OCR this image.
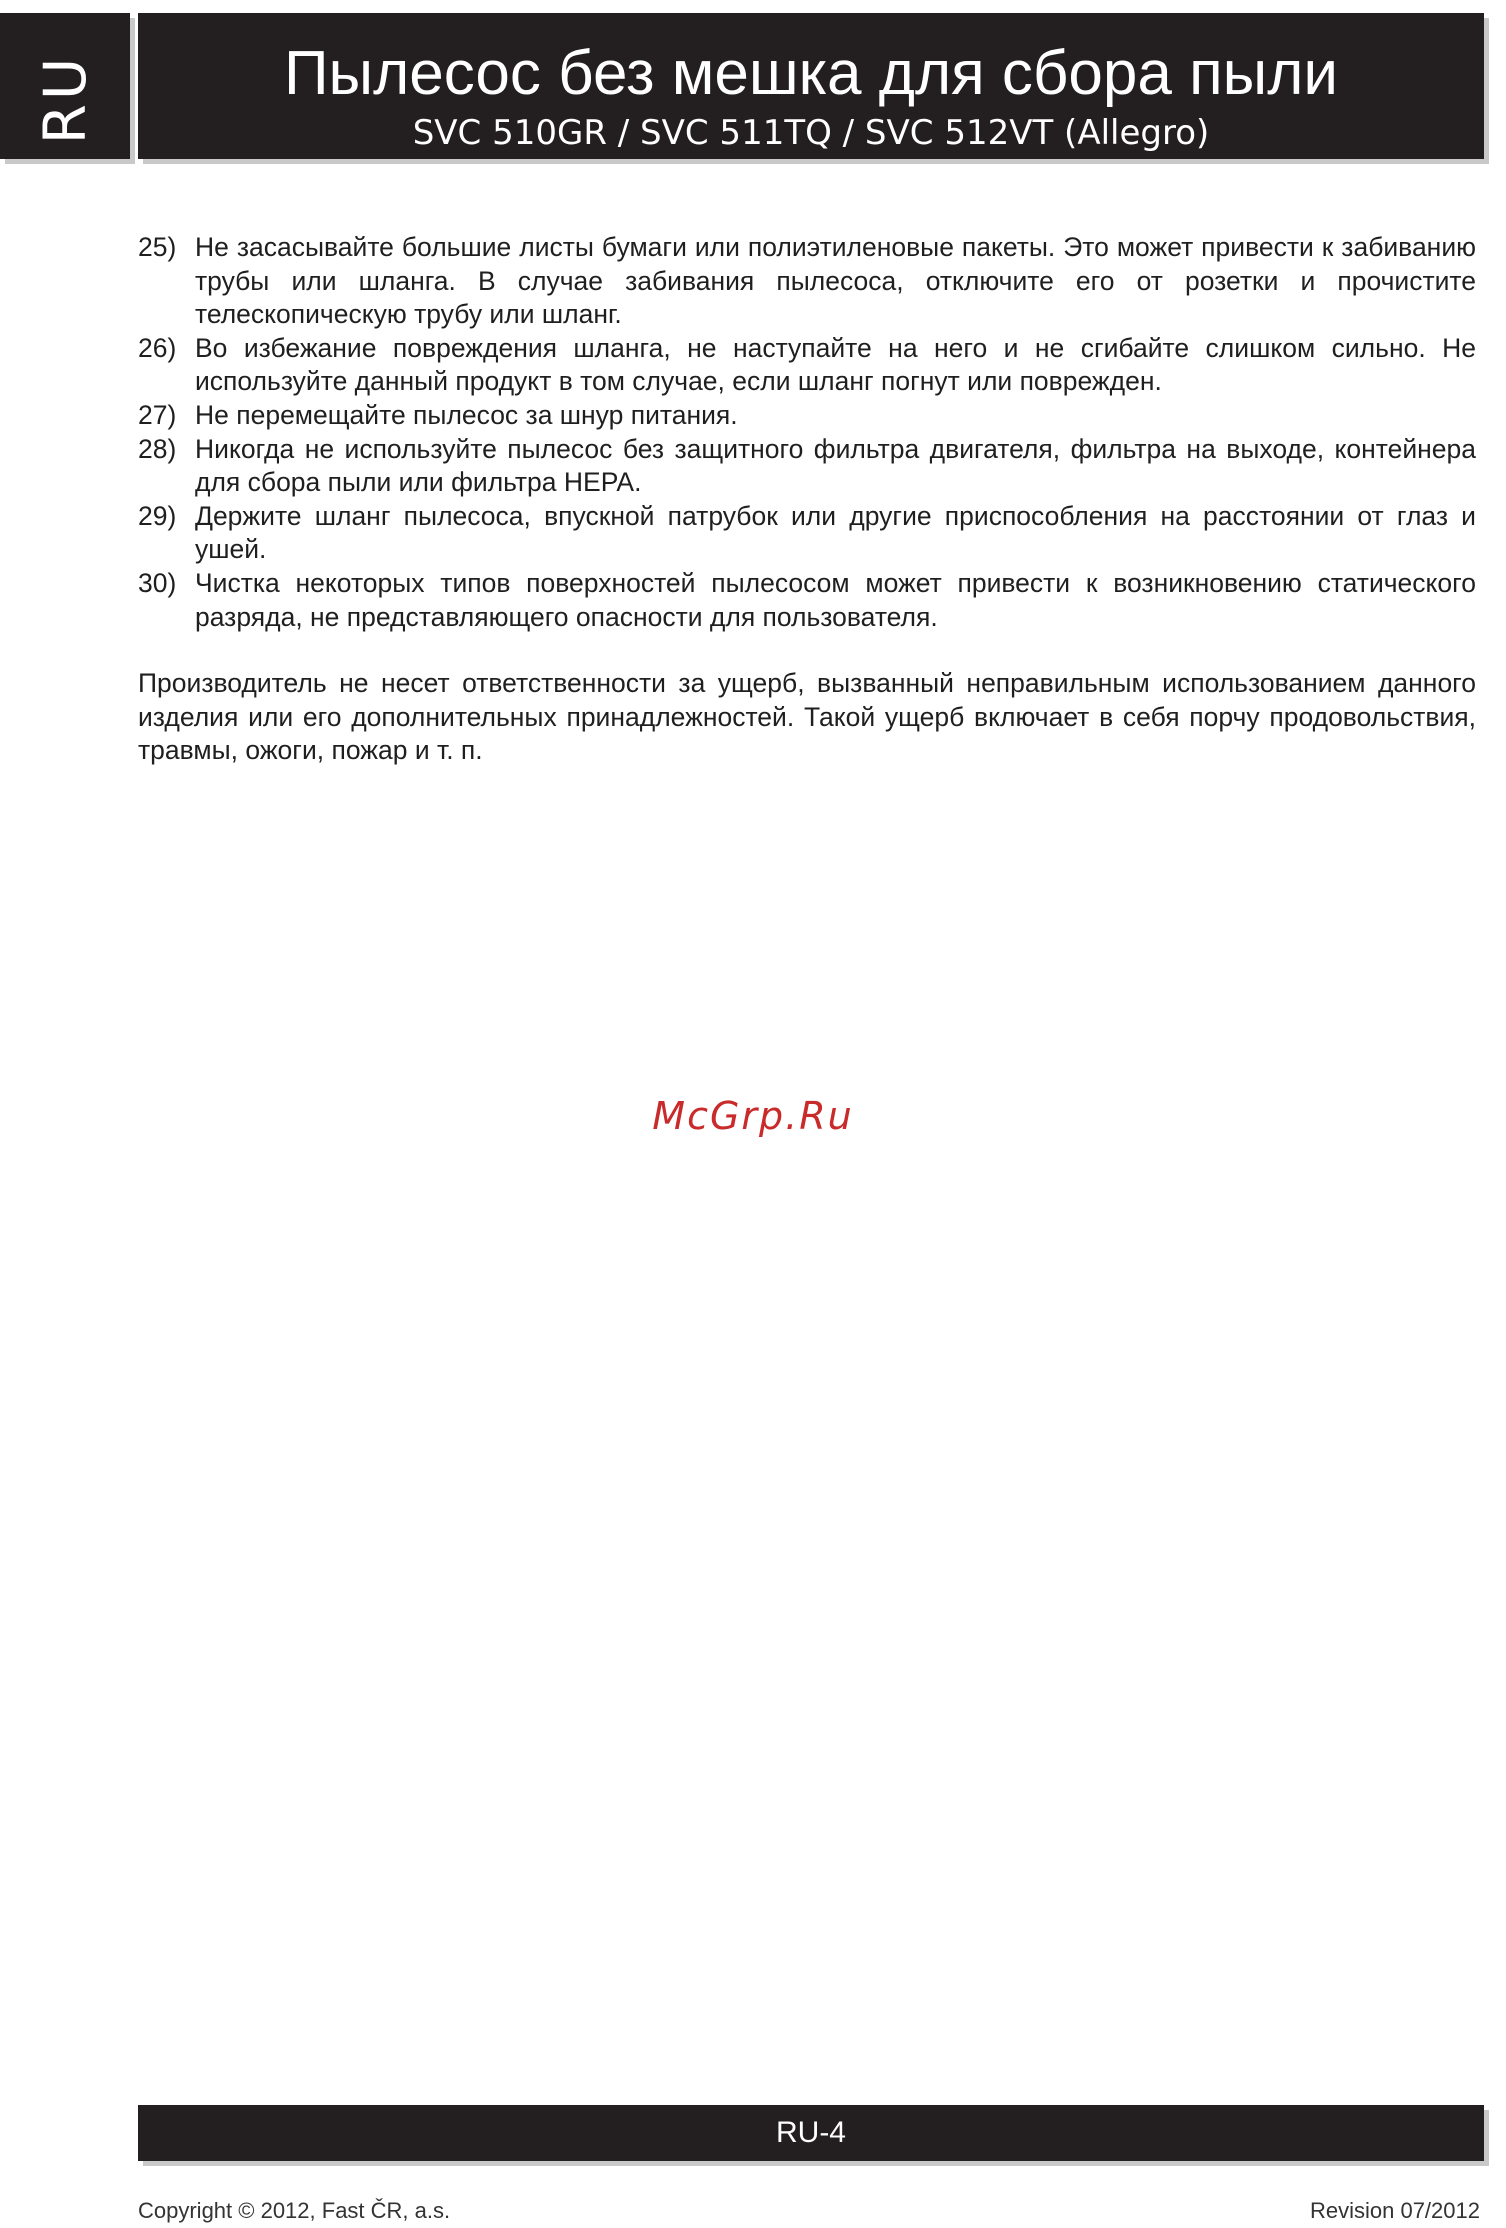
RU	Пылесос без мешка для сбора пыли
SVC 510GR / SVC 511TQ / SVC 512VT (Allegro)
25) Не засасывайте большие листы бумаги или полиэтиленовые пакеты. Это может привести к забиванию трубы или шланга. В случае забивания пылесоса, отключите его от розетки и прочистите телескопическую трубу или шланг.
26) Во избежание повреждения шланга, не наступайте на него и не сгибайте слишком сильно. Не используйте данный продукт в том случае, если шланг погнут или поврежден.
27) Не перемещайте пылесос за шнур питания.
28) Никогда не используйте пылесос без защитного фильтра двигателя, фильтра на выходе, контейнера для сбора пыли или фильтра HEPA.
29) Держите шланг пылесоса, впускной патрубок или другие приспособления на расстоянии от глаз и ушей.
30) Чистка некоторых типов поверхностей пылесосом может привести к возникновению статического разряда, не представляющего опасности для пользователя.
Производитель не несет ответственности за ущерб, вызванный неправильным использованием данного изделия или его дополнительных принадлежностей. Такой ущерб включает в себя порчу продовольствия, травмы, ожоги, пожар и т. п.
McGrp.Ru
RU-4
Copyright © 2012, Fast ČR, a.s.	Revision 07/2012
